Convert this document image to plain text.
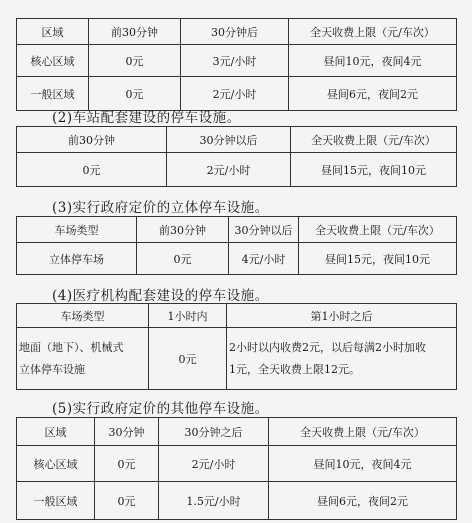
区域	前30分钟	30分钟后	全天收费上限（元/车次）
核心区域	0元	3元/小时	昼间10元，夜间4元
一般区域	0元	2元/小时	昼间6元，夜间2元
(2)车站配套建设的停车设施。
前30分钟	30分钟以后	全天收费上限（元/车次）
0元	2元/小时	昼间15元，夜间10元
(3)实行政府定价的立体停车设施。
车场类型	前30分钟	30分钟以后	全天收费上限（元/车次）
立体停车场	0元	4元/小时	昼间15元，夜间10元
(4)医疗机构配套建设的停车设施。
车场类型	1小时内	第1小时之后

地面（地下）、机械式
立体停车设施	0元	2小时以内收费2元，以后每满2小时加收
1元，全天收费上限12元。
(5)实行政府定价的其他停车设施。
区域	30分钟	30分钟之后	全天收费上限（元/车次）
核心区域	0元	2元/小时	昼间10元，夜间4元
一般区域	0元	1.5元/小时	昼间6元，夜间2元
